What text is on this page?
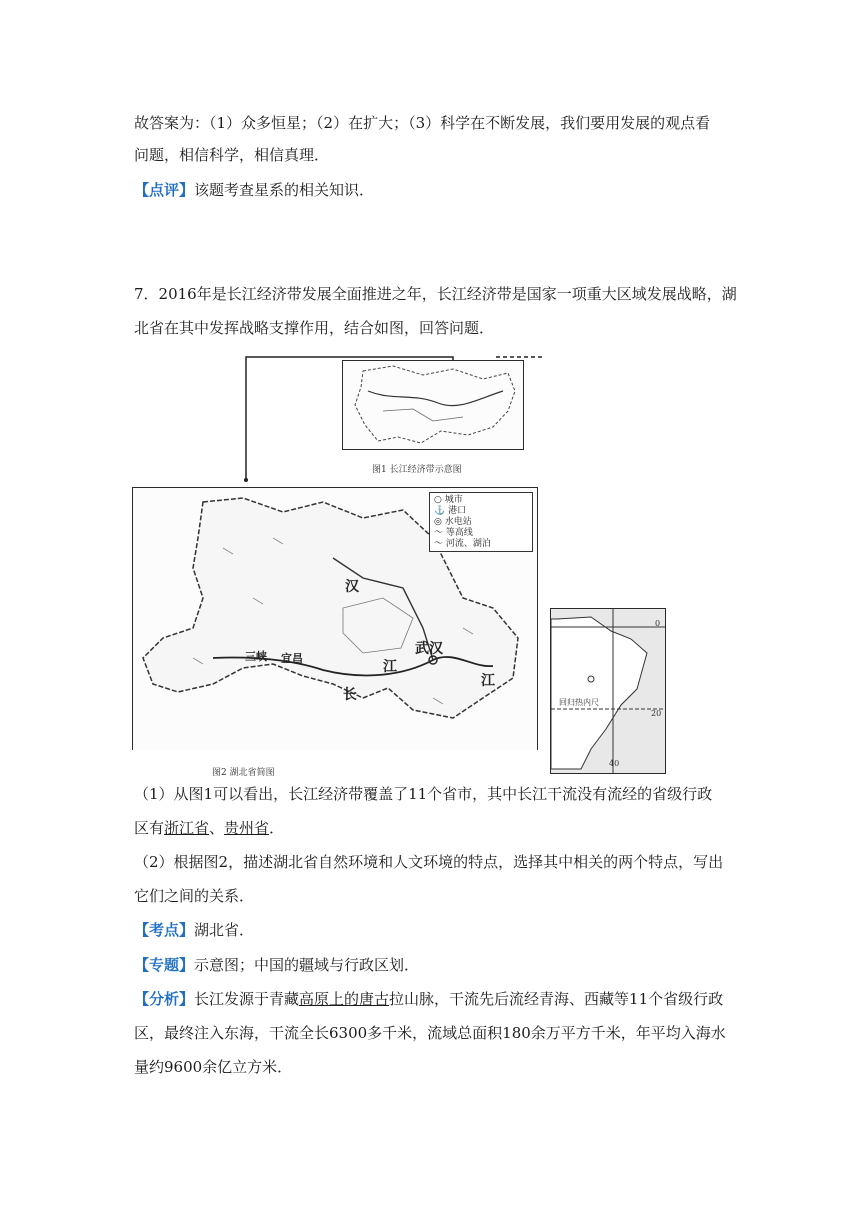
故答案为：（1）众多恒星；（2）在扩大；（3）科学在不断发展，我们要用发展的观点看
问题，相信科学，相信真理．
【点评】该题考查星系的相关知识．
7．2016年是长江经济带发展全面推进之年，长江经济带是国家一项重大区域发展战略，湖
北省在其中发挥战略支撑作用，结合如图，回答问题．
图1 长江经济带示意图
○ 城市
⚓ 港口
◎ 水电站
〜 等高线
〜 河流、湖泊
武汉
汉
江
江
长
三峡 宜昌
图2 湖北省简图
0
20
回归热内尺
40
（1）从图1可以看出，长江经济带覆盖了11个省市，其中长江干流没有流经的省级行政
区有浙江省、贵州省．
（2）根据图2，描述湖北省自然环境和人文环境的特点，选择其中相关的两个特点，写出
它们之间的关系．
【考点】湖北省．
【专题】示意图；中国的疆域与行政区划．
【分析】长江发源于青藏高原上的唐古拉山脉，干流先后流经青海、西藏等11个省级行政
区，最终注入东海，干流全长6300多千米，流域总面积180余万平方千米，年平均入海水
量约9600余亿立方米．
